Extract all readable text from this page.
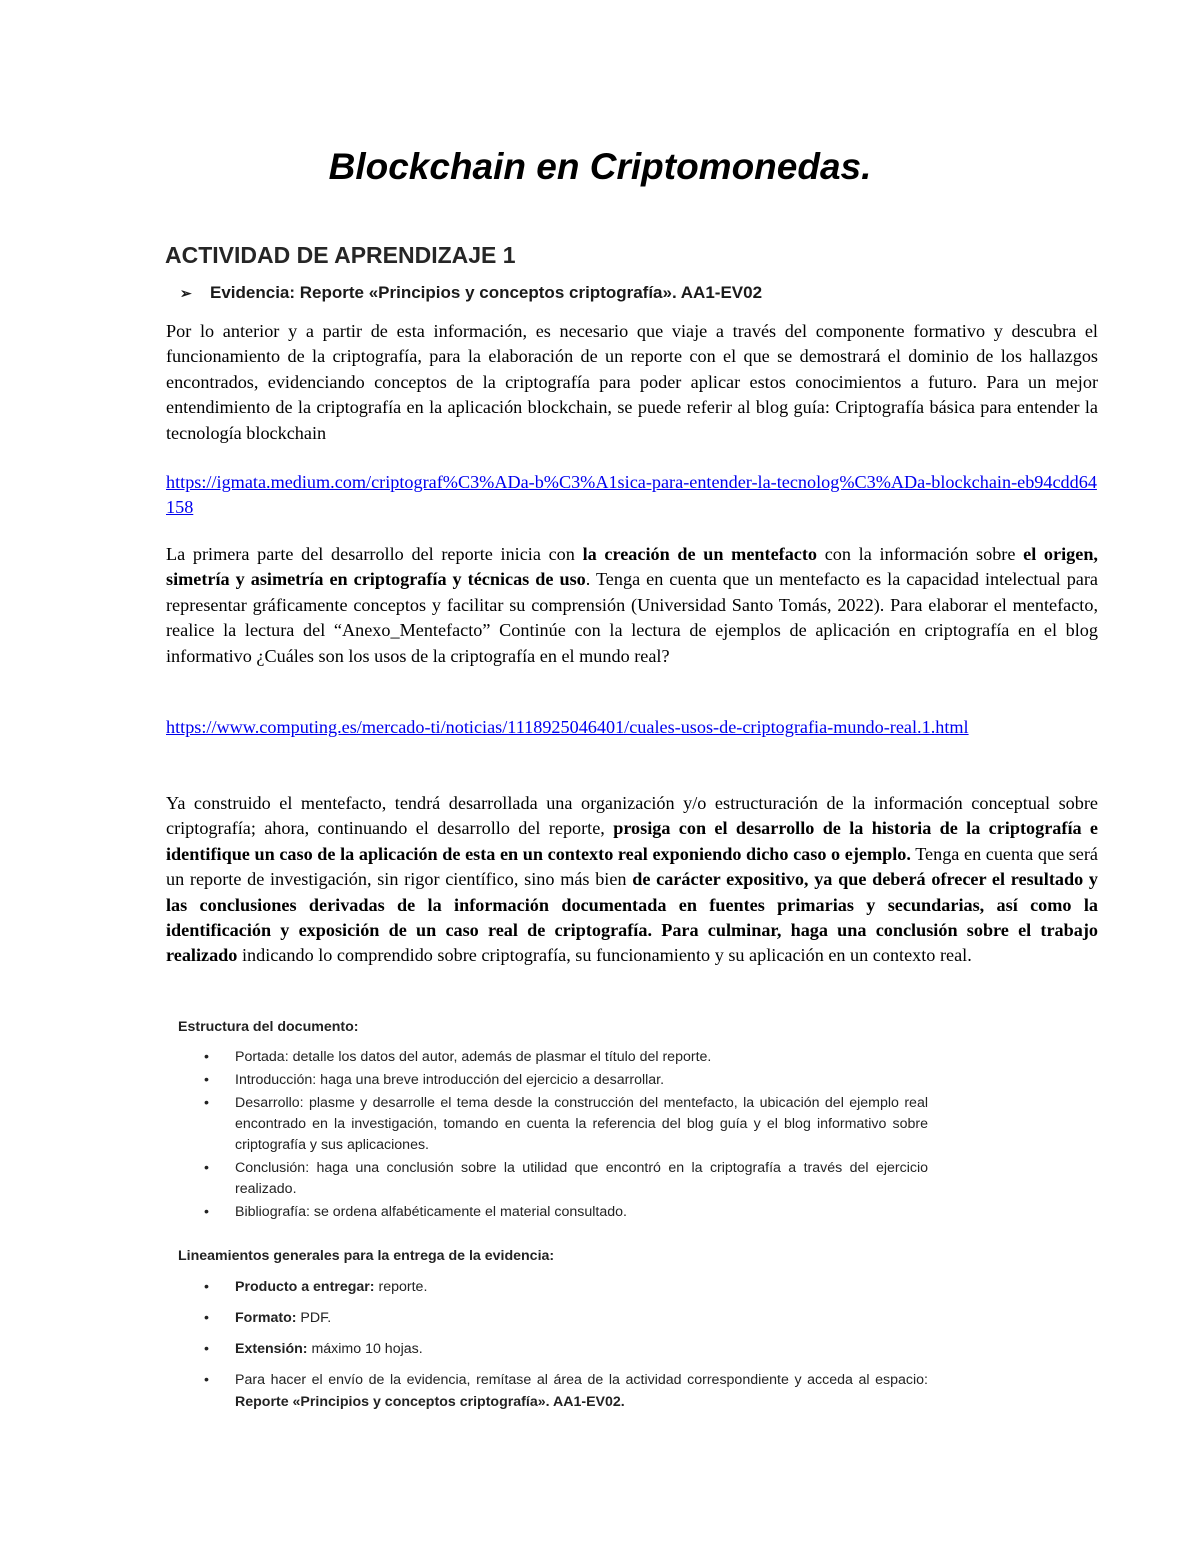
Blockchain en Criptomonedas.
ACTIVIDAD DE APRENDIZAJE 1
➢ Evidencia: Reporte «Principios y conceptos criptografía». AA1-EV02
Por lo anterior y a partir de esta información, es necesario que viaje a través del componente formativo y descubra el funcionamiento de la criptografía, para la elaboración de un reporte con el que se demostrará el dominio de los hallazgos encontrados, evidenciando conceptos de la criptografía para poder aplicar estos conocimientos a futuro. Para un mejor entendimiento de la criptografía en la aplicación blockchain, se puede referir al blog guía: Criptografía básica para entender la tecnología blockchain
https://igmata.medium.com/criptograf%C3%ADa-b%C3%A1sica-para-entender-la-tecnolog%C3%ADa-blockchain-eb94cdd64158
La primera parte del desarrollo del reporte inicia con la creación de un mentefacto con la información sobre el origen, simetría y asimetría en criptografía y técnicas de uso. Tenga en cuenta que un mentefacto es la capacidad intelectual para representar gráficamente conceptos y facilitar su comprensión (Universidad Santo Tomás, 2022). Para elaborar el mentefacto, realice la lectura del “Anexo_Mentefacto” Continúe con la lectura de ejemplos de aplicación en criptografía en el blog informativo ¿Cuáles son los usos de la criptografía en el mundo real?
https://www.computing.es/mercado-ti/noticias/1118925046401/cuales-usos-de-criptografia-mundo-real.1.html
Ya construido el mentefacto, tendrá desarrollada una organización y/o estructuración de la información conceptual sobre criptografía; ahora, continuando el desarrollo del reporte, prosiga con el desarrollo de la historia de la criptografía e identifique un caso de la aplicación de esta en un contexto real exponiendo dicho caso o ejemplo. Tenga en cuenta que será un reporte de investigación, sin rigor científico, sino más bien de carácter expositivo, ya que deberá ofrecer el resultado y las conclusiones derivadas de la información documentada en fuentes primarias y secundarias, así como la identificación y exposición de un caso real de criptografía. Para culminar, haga una conclusión sobre el trabajo realizado indicando lo comprendido sobre criptografía, su funcionamiento y su aplicación en un contexto real.
Estructura del documento:
• Portada: detalle los datos del autor, además de plasmar el título del reporte.
• Introducción: haga una breve introducción del ejercicio a desarrollar.
• Desarrollo: plasme y desarrolle el tema desde la construcción del mentefacto, la ubicación del ejemplo real encontrado en la investigación, tomando en cuenta la referencia del blog guía y el blog informativo sobre criptografía y sus aplicaciones.
• Conclusión: haga una conclusión sobre la utilidad que encontró en la criptografía a través del ejercicio realizado.
• Bibliografía: se ordena alfabéticamente el material consultado.
Lineamientos generales para la entrega de la evidencia:
• Producto a entregar: reporte.
• Formato: PDF.
• Extensión: máximo 10 hojas.
• Para hacer el envío de la evidencia, remítase al área de la actividad correspondiente y acceda al espacio: Reporte «Principios y conceptos criptografía». AA1-EV02.
